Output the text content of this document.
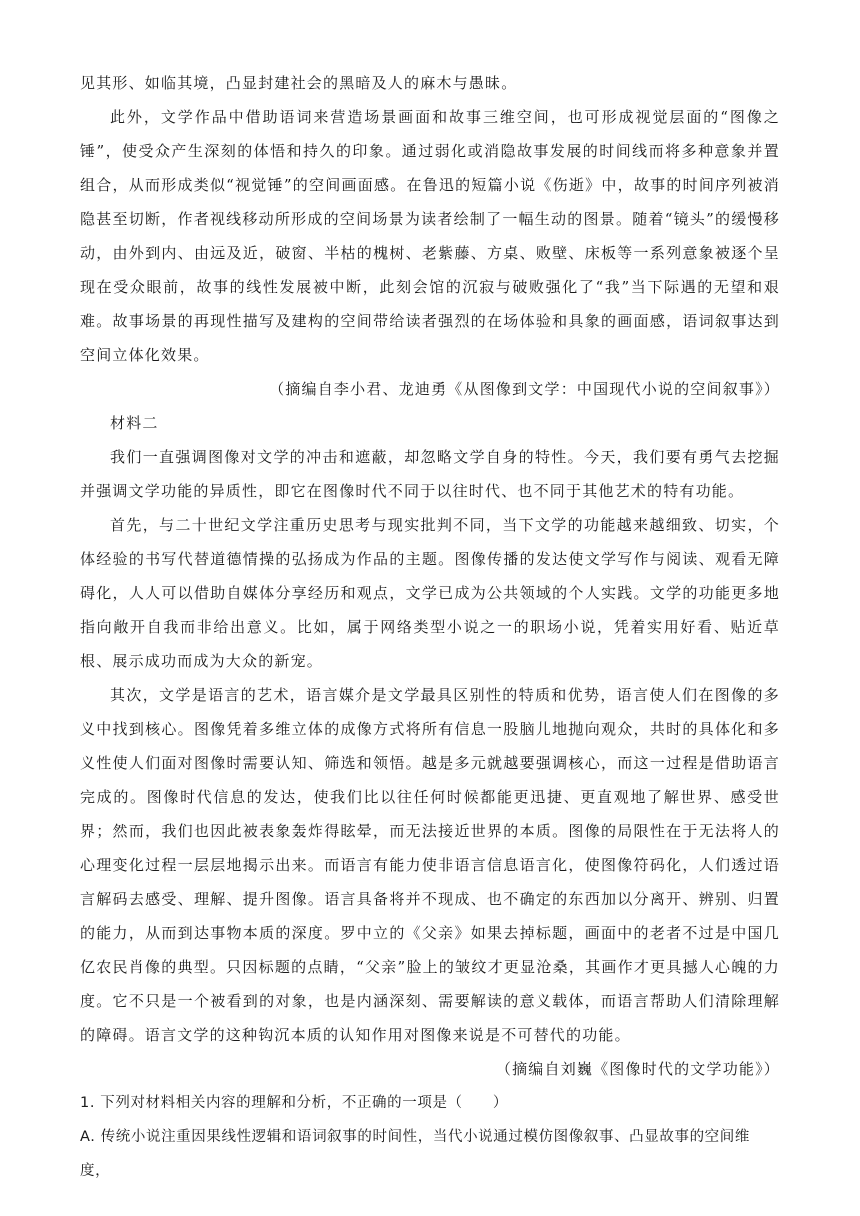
见其形、如临其境，凸显封建社会的黑暗及人的麻木与愚昧。

此外，文学作品中借助语词来营造场景画面和故事三维空间，也可形成视觉层面的“图像之锤”，使受众产生深刻的体悟和持久的印象。通过弱化或消隐故事发展的时间线而将多种意象并置组合，从而形成类似“视觉锤”的空间画面感。在鲁迅的短篇小说《伤逝》中，故事的时间序列被消隐甚至切断，作者视线移动所形成的空间场景为读者绘制了一幅生动的图景。随着“镜头”的缓慢移动，由外到内、由远及近，破窗、半枯的槐树、老紫藤、方桌、败壁、床板等一系列意象被逐个呈现在受众眼前，故事的线性发展被中断，此刻会馆的沉寂与破败强化了“我”当下际遇的无望和艰难。故事场景的再现性描写及建构的空间带给读者强烈的在场体验和具象的画面感，语词叙事达到空间立体化效果。

（摘编自李小君、龙迪勇《从图像到文学：中国现代小说的空间叙事》）

材料二

我们一直强调图像对文学的冲击和遮蔽，却忽略文学自身的特性。今天，我们要有勇气去挖掘并强调文学功能的异质性，即它在图像时代不同于以往时代、也不同于其他艺术的特有功能。

首先，与二十世纪文学注重历史思考与现实批判不同，当下文学的功能越来越细致、切实，个体经验的书写代替道德情操的弘扬成为作品的主题。图像传播的发达使文学写作与阅读、观看无障碍化，人人可以借助自媒体分享经历和观点，文学已成为公共领域的个人实践。文学的功能更多地指向敞开自我而非给出意义。比如，属于网络类型小说之一的职场小说，凭着实用好看、贴近草根、展示成功而成为大众的新宠。

其次，文学是语言的艺术，语言媒介是文学最具区别性的特质和优势，语言使人们在图像的多义中找到核心。图像凭着多维立体的成像方式将所有信息一股脑儿地抛向观众，共时的具体化和多义性使人们面对图像时需要认知、筛选和领悟。越是多元就越要强调核心，而这一过程是借助语言完成的。图像时代信息的发达，使我们比以往任何时候都能更迅捷、更直观地了解世界、感受世界；然而，我们也因此被表象轰炸得眩晕，而无法接近世界的本质。图像的局限性在于无法将人的心理变化过程一层层地揭示出来。而语言有能力使非语言信息语言化，使图像符码化，人们透过语言解码去感受、理解、提升图像。语言具备将并不现成、也不确定的东西加以分离开、辨别、归置的能力，从而到达事物本质的深度。罗中立的《父亲》如果去掉标题，画面中的老者不过是中国几亿农民肖像的典型。只因标题的点睛，“父亲”脸上的皱纹才更显沧桑，其画作才更具撼人心魄的力度。它不只是一个被看到的对象，也是内涵深刻、需要解读的意义载体，而语言帮助人们清除理解的障碍。语言文学的这种钩沉本质的认知作用对图像来说是不可替代的功能。

（摘编自刘巍《图像时代的文学功能》）

1. 下列对材料相关内容的理解和分析，不正确的一项是（　　）

A. 传统小说注重因果线性逻辑和语词叙事的时间性，当代小说通过模仿图像叙事、凸显故事的空间维度，
